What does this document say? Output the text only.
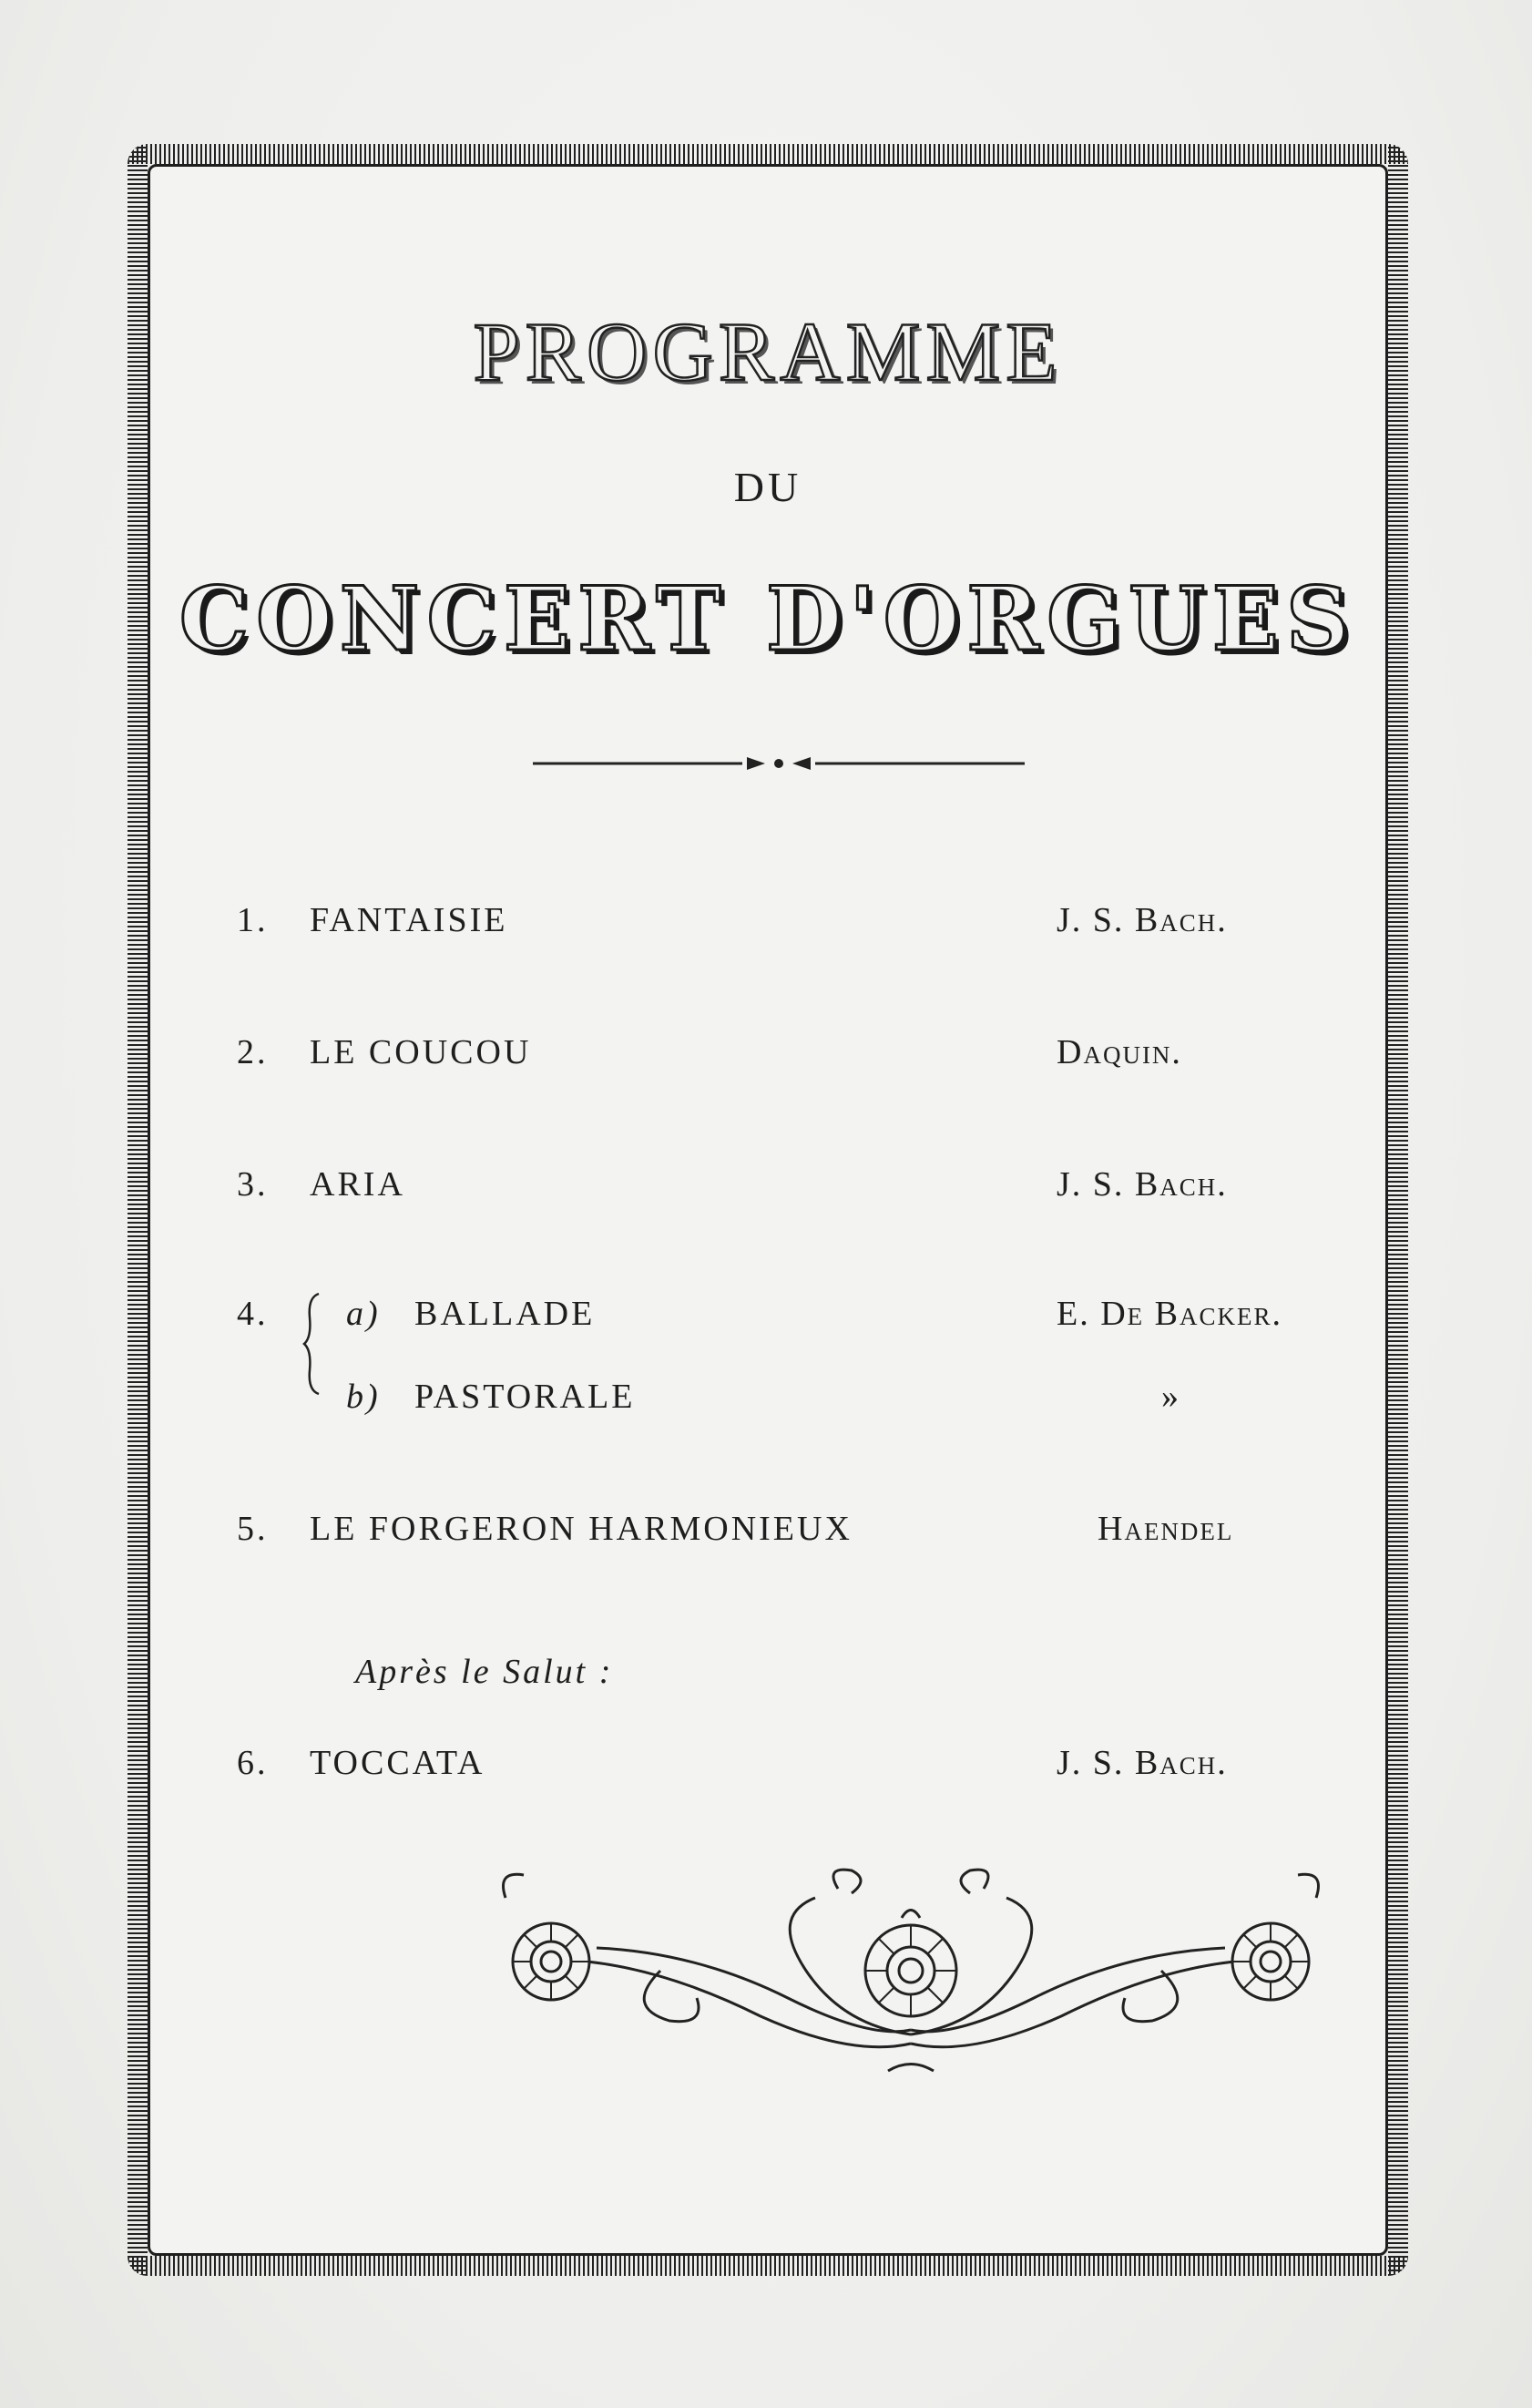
PROGRAMME
DU
CONCERT D'ORGUES
1. FANTAISIE	J. S. Bach.
2. LE COUCOU	Daquin.
3. ARIA	J. S. Bach.
4. a) BALLADE	E. De Backer.
b) PASTORALE	»
5. LE FORGERON HARMONIEUX	Haendel
Après le Salut :
6. TOCCATA	J. S. Bach.
